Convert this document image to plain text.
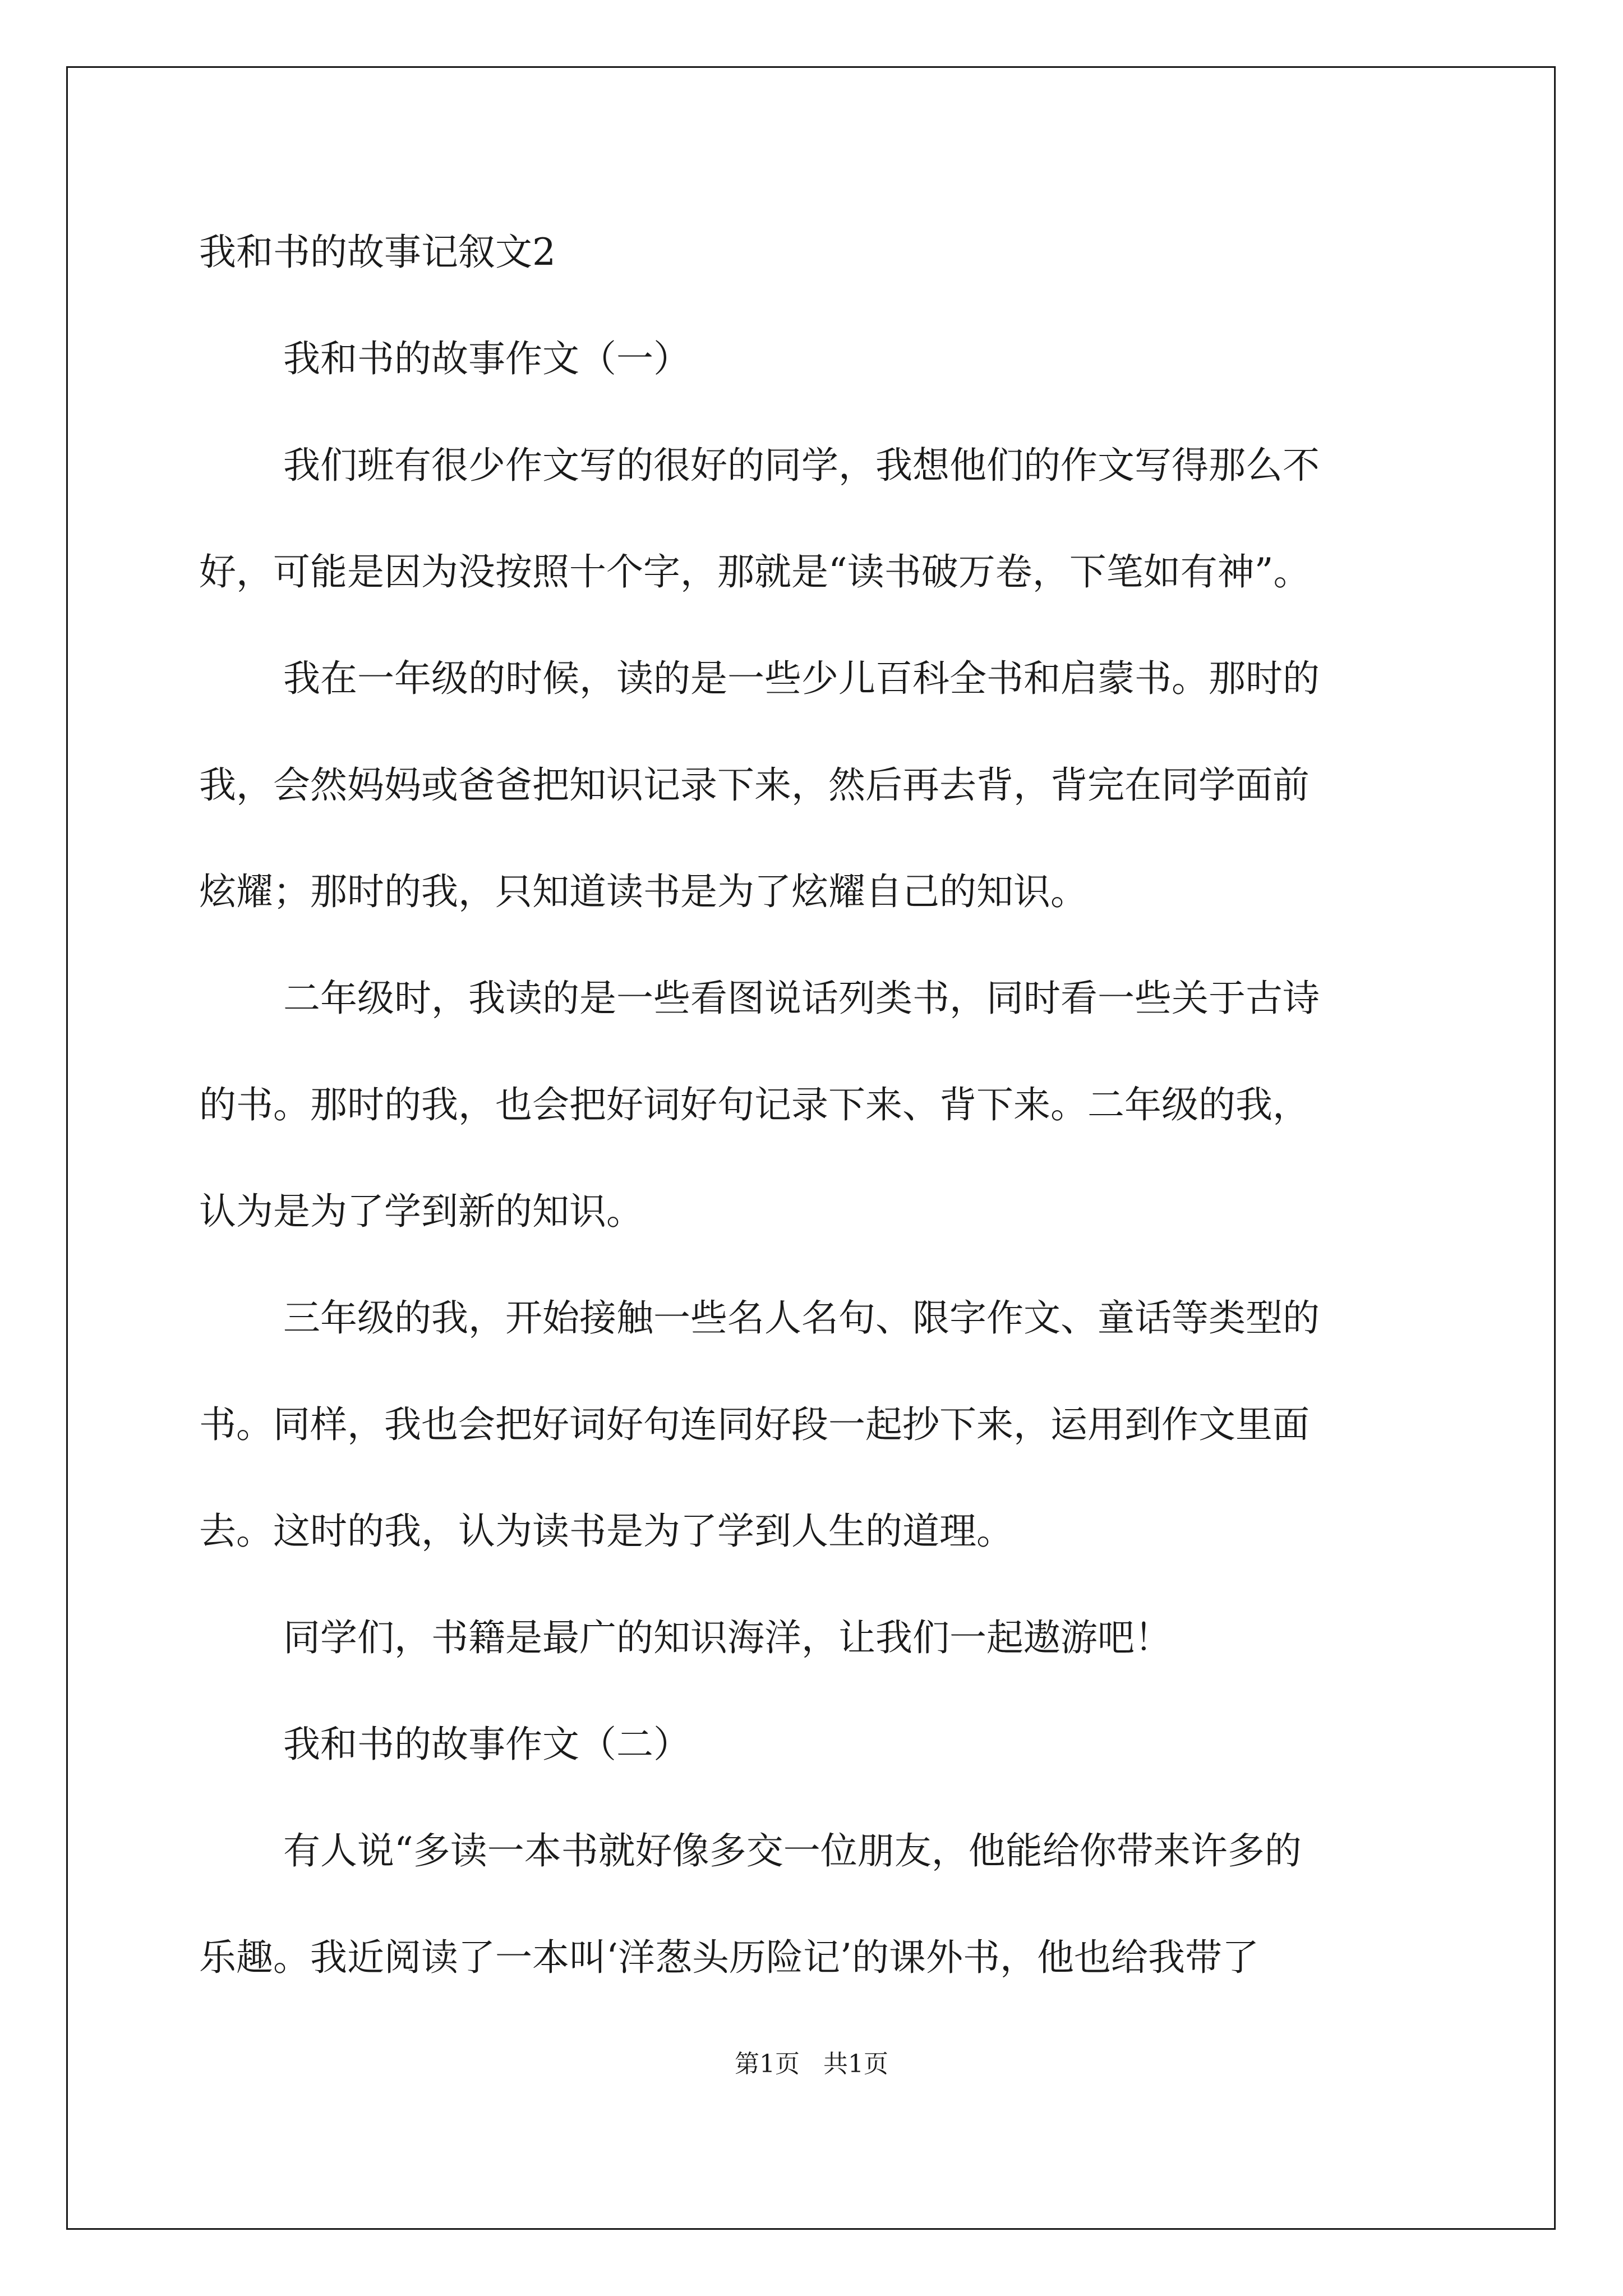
我和书的故事记叙文2
我和书的故事作文（一）
我们班有很少作文写的很好的同学，我想他们的作文写得那么不
好，可能是因为没按照十个字，那就是“读书破万卷，下笔如有神”。
我在一年级的时候，读的是一些少儿百科全书和启蒙书。那时的
我，会然妈妈或爸爸把知识记录下来，然后再去背，背完在同学面前
炫耀；那时的我，只知道读书是为了炫耀自己的知识。
二年级时，我读的是一些看图说话列类书，同时看一些关于古诗
的书。那时的我，也会把好词好句记录下来、背下来。二年级的我，
认为是为了学到新的知识。
三年级的我，开始接触一些名人名句、限字作文、童话等类型的
书。同样，我也会把好词好句连同好段一起抄下来，运用到作文里面
去。这时的我，认为读书是为了学到人生的道理。
同学们，书籍是最广的知识海洋，让我们一起遨游吧！
我和书的故事作文（二）
有人说“多读一本书就好像多交一位朋友，他能给你带来许多的
乐趣。我近阅读了一本叫‘洋葱头历险记’的课外书，他也给我带了
第1页   共1页
